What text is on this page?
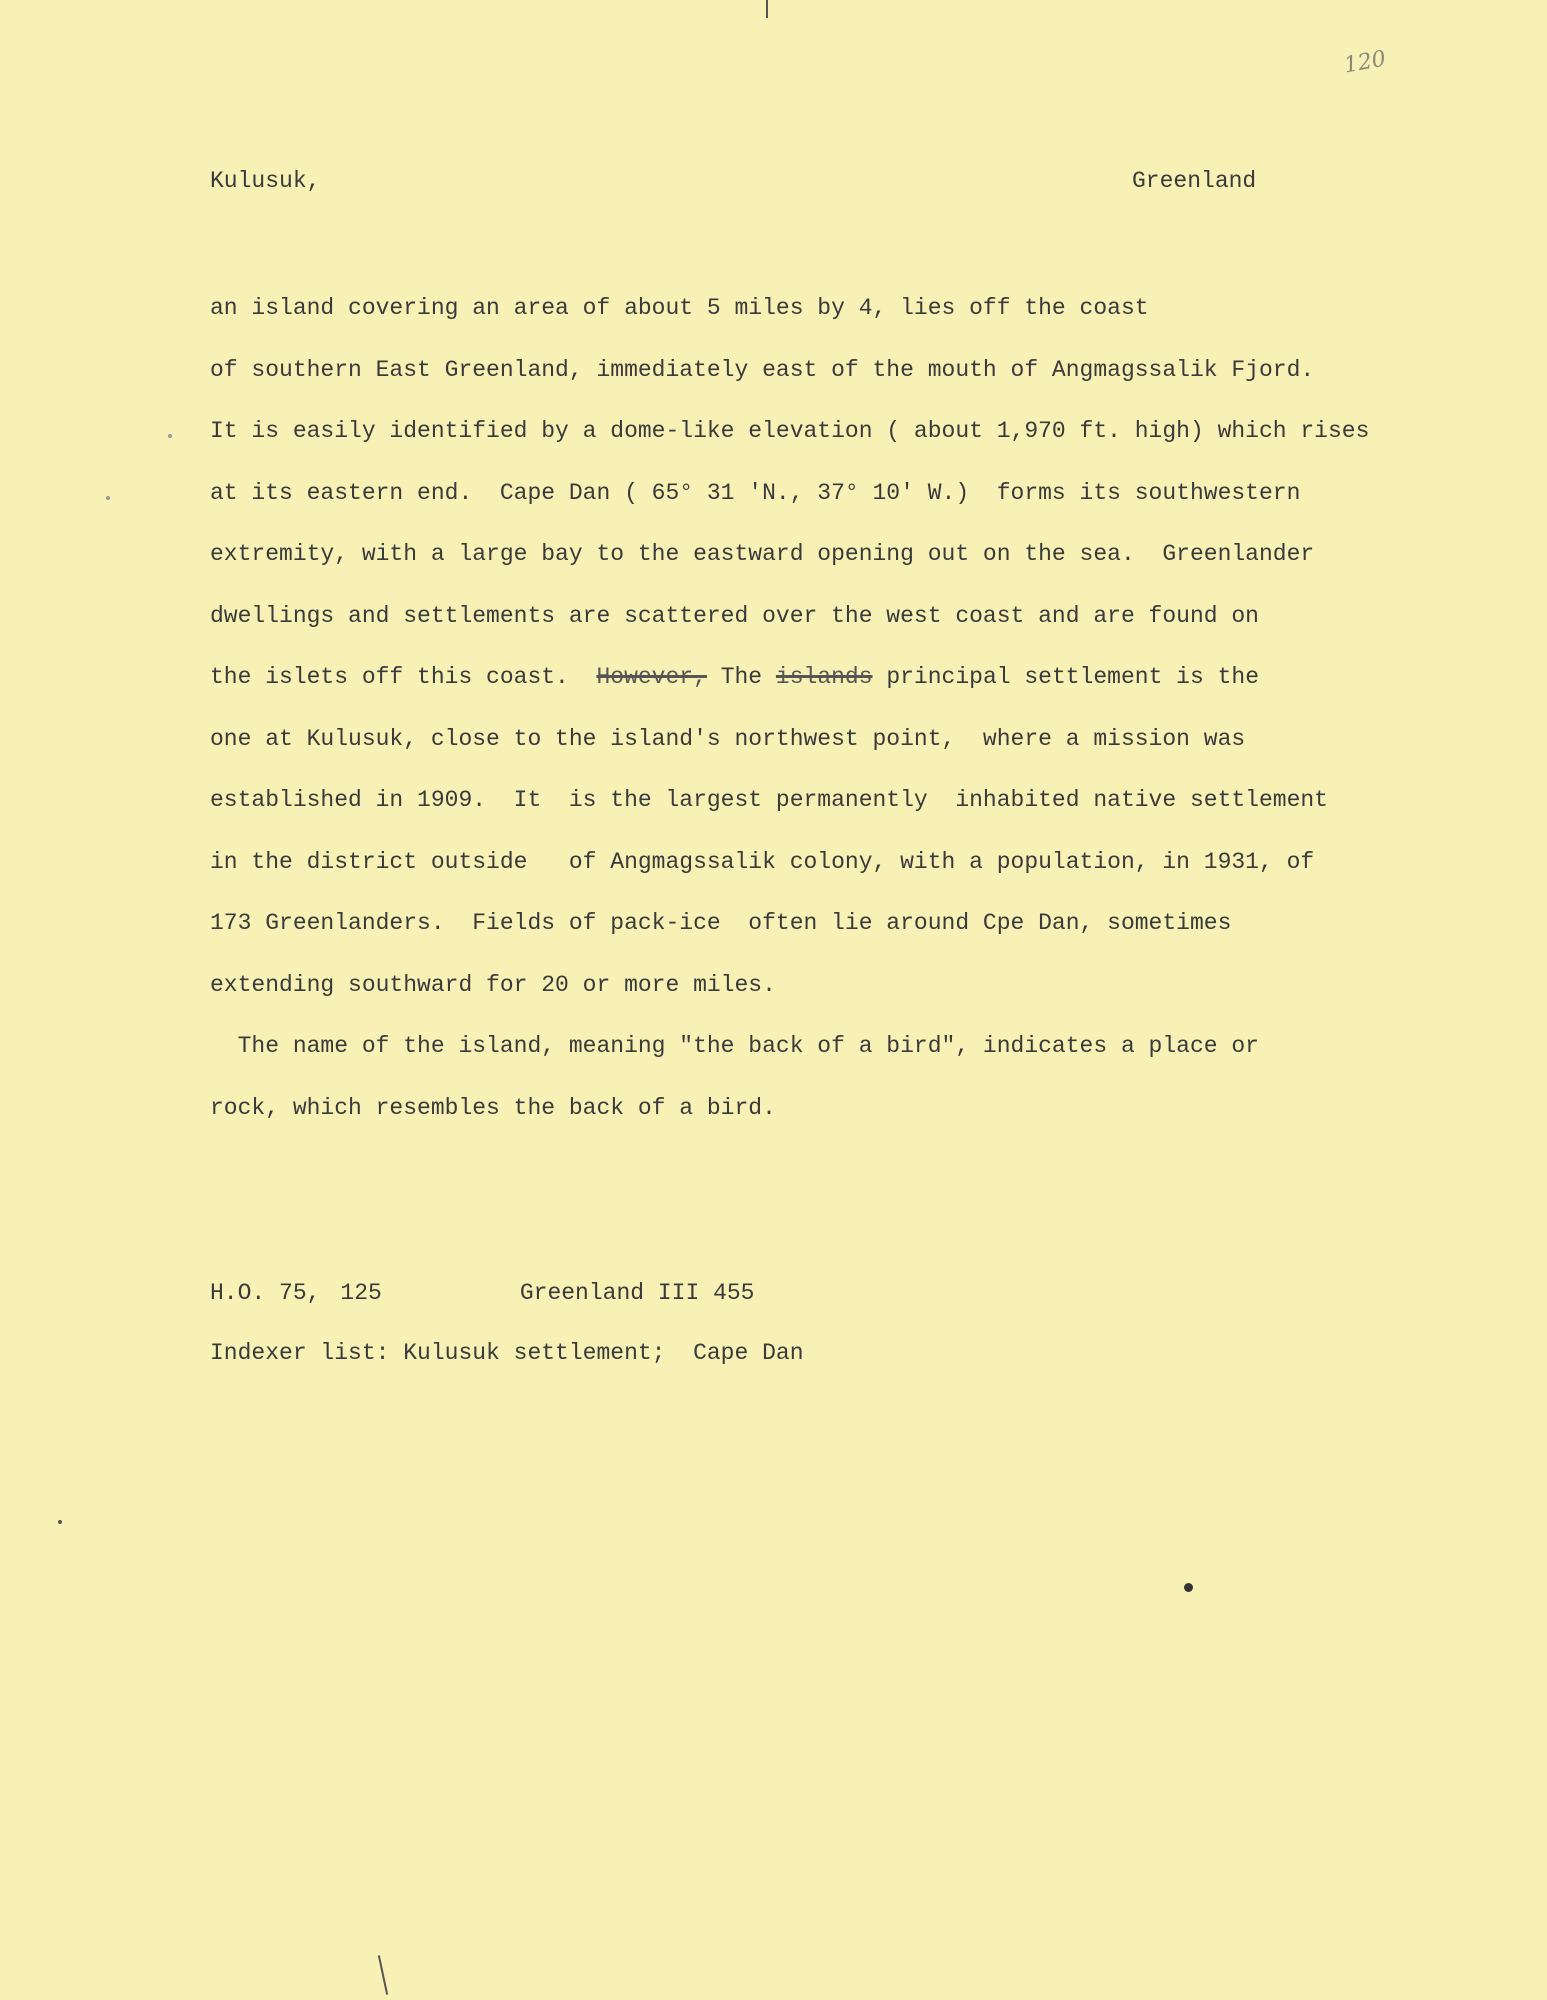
120
Kulusuk,	Greenland
an island covering an area of about 5 miles by 4, lies off the coast
of southern East Greenland, immediately east of the mouth of Angmagssalik Fjord.
It is easily identified by a dome-like elevation ( about 1,970 ft. high) which rises
at its eastern end.  Cape Dan ( 65° 31 'N., 37° 10' W.)  forms its southwestern
extremity, with a large bay to the eastward opening out on the sea.  Greenlander
dwellings and settlements are scattered over the west coast and are found on
the islets off this coast.  However, The islands principal settlement is the
one at Kulusuk, close to the island's northwest point,  where a mission was
established in 1909.  It  is the largest permanently  inhabited native settlement
in the district outside   of Angmagssalik colony, with a population, in 1931, of
173 Greenlanders.  Fields of pack-ice  often lie around Cpe Dan, sometimes
extending southward for 20 or more miles.
The name of the island, meaning "the back of a bird", indicates a place or
rock, which resembles the back of a bird.
H.O. 75, 125	Greenland III 455
Indexer list: Kulusuk settlement;  Cape Dan
